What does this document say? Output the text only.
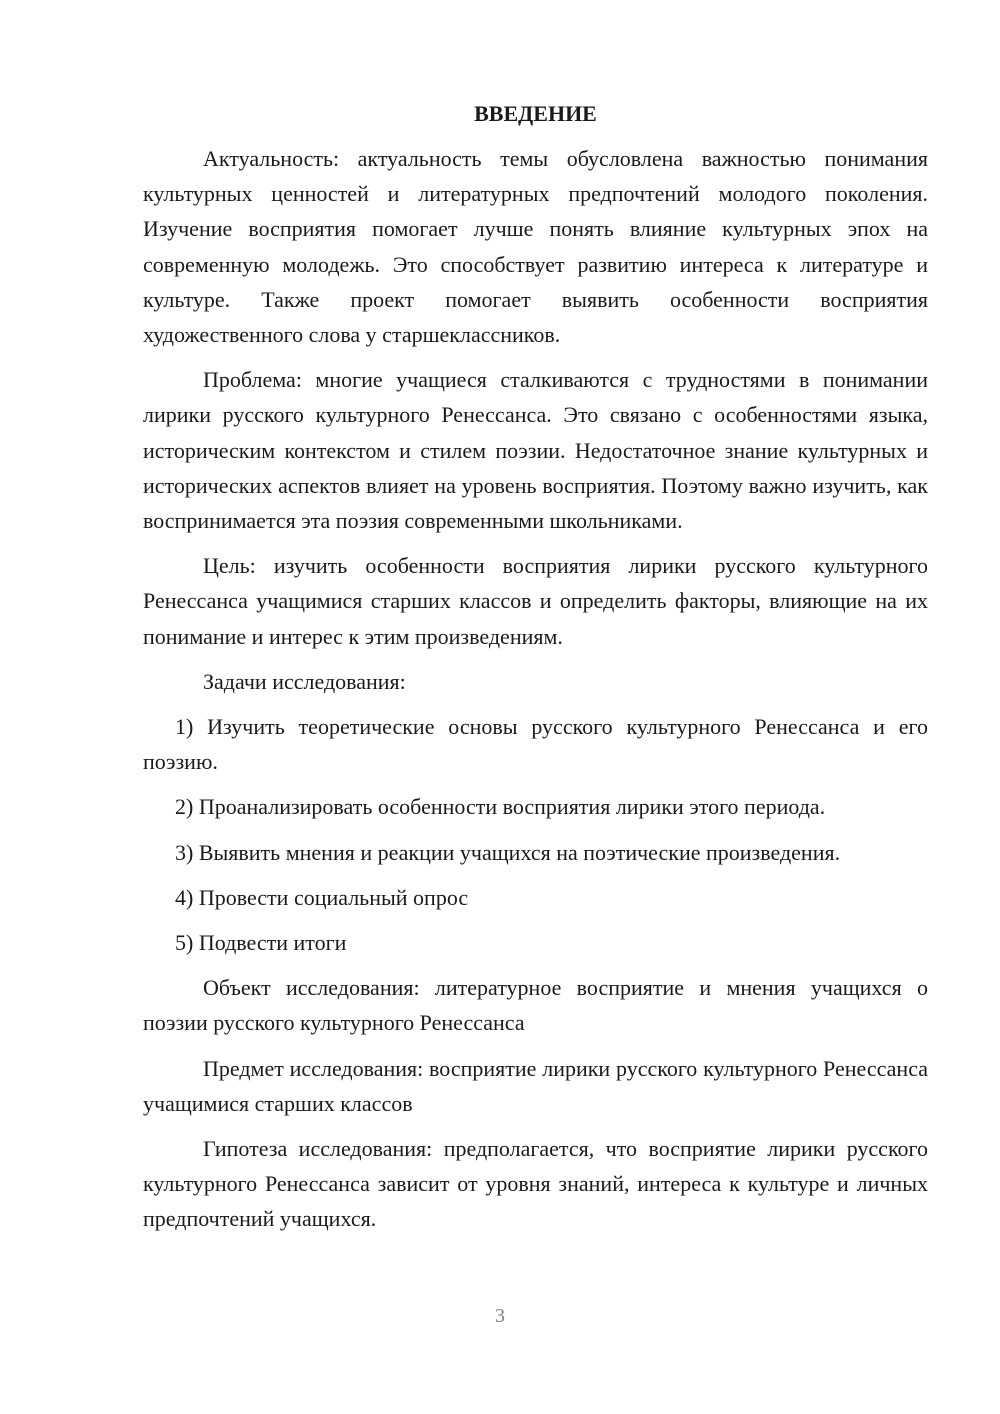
ВВЕДЕНИЕ

Актуальность: актуальность темы обусловлена важностью понимания культурных ценностей и литературных предпочтений молодого поколения. Изучение восприятия помогает лучше понять влияние культурных эпох на современную молодежь. Это способствует развитию интереса к литературе и культуре. Также проект помогает выявить особенности восприятия художественного слова у старшеклассников.

Проблема: многие учащиеся сталкиваются с трудностями в понимании лирики русского культурного Ренессанса. Это связано с особенностями языка, историческим контекстом и стилем поэзии. Недостаточное знание культурных и исторических аспектов влияет на уровень восприятия. Поэтому важно изучить, как воспринимается эта поэзия современными школьниками.

Цель: изучить особенности восприятия лирики русского культурного Ренессанса учащимися старших классов и определить факторы, влияющие на их понимание и интерес к этим произведениям.

Задачи исследования:

1) Изучить теоретические основы русского культурного Ренессанса и его поэзию.

2) Проанализировать особенности восприятия лирики этого периода.

3) Выявить мнения и реакции учащихся на поэтические произведения.

4) Провести социальный опрос

5) Подвести итоги

Объект исследования: литературное восприятие и мнения учащихся о поэзии русского культурного Ренессанса

Предмет исследования: восприятие лирики русского культурного Ренессанса учащимися старших классов

Гипотеза исследования: предполагается, что восприятие лирики русского культурного Ренессанса зависит от уровня знаний, интереса к культуре и личных предпочтений учащихся.

3
